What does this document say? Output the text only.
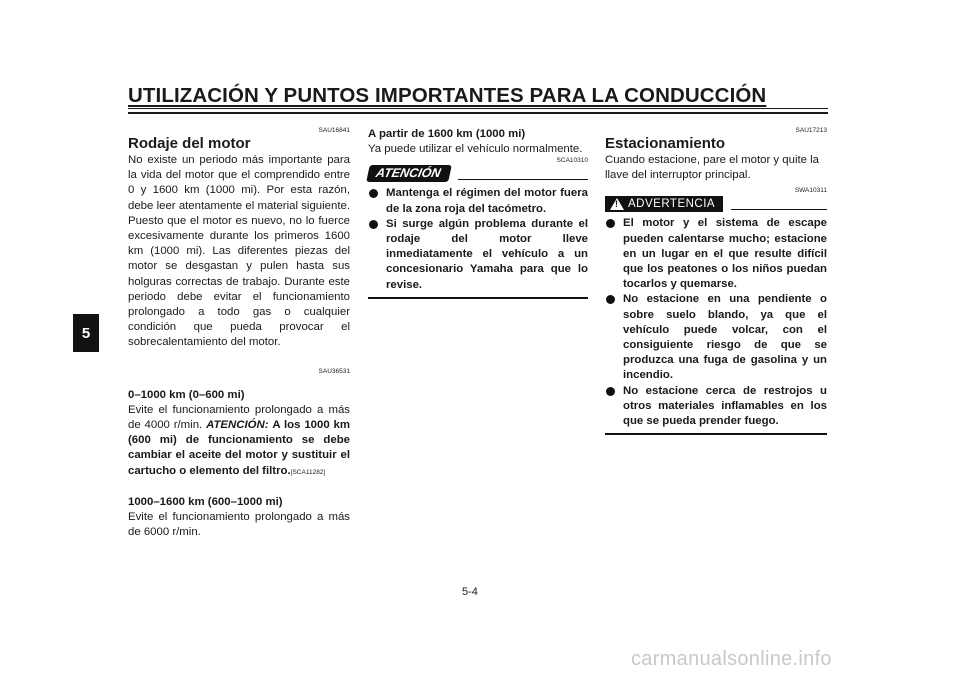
UTILIZACIÓN Y PUNTOS IMPORTANTES PARA LA CONDUCCIÓN
5
SAU16841
Rodaje del motor
No existe un periodo más importante para la vida del motor que el comprendido entre 0 y 1600 km (1000 mi). Por esta razón, debe leer atentamente el material siguiente. Puesto que el motor es nuevo, no lo fuerce excesivamente durante los primeros 1600 km (1000 mi). Las diferentes piezas del motor se desgastan y pulen hasta sus holguras correctas de trabajo. Durante este periodo debe evitar el funcionamiento prolongado a todo gas o cualquier condición que pueda provocar el sobrecalentamiento del motor.
SAU36531
0–1000 km (0–600 mi)
Evite el funcionamiento prolongado a más de 4000 r/min. ATENCIÓN: A los 1000 km (600 mi) de funcionamiento se debe cambiar el aceite del motor y sustituir el cartucho o elemento del filtro.[SCA11282]
1000–1600 km (600–1000 mi)
Evite el funcionamiento prolongado a más de 6000 r/min.
A partir de 1600 km (1000 mi)
Ya puede utilizar el vehículo normalmente.
SCA10310
ATENCIÓN
Mantenga el régimen del motor fuera de la zona roja del tacómetro.
Si surge algún problema durante el rodaje del motor lleve inmediatamente el vehículo a un concesionario Yamaha para que lo revise.
SAU17213
Estacionamiento
Cuando estacione, pare el motor y quite la llave del interruptor principal.
SWA10311
!
ADVERTENCIA
El motor y el sistema de escape pueden calentarse mucho; estacione en un lugar en el que resulte difícil que los peatones o los niños puedan tocarlos y quemarse.
No estacione en una pendiente o sobre suelo blando, ya que el vehículo puede volcar, con el consiguiente riesgo de que se produzca una fuga de gasolina y un incendio.
No estacione cerca de restrojos u otros materiales inflamables en los que se pueda prender fuego.
5-4
carmanualsonline.info
